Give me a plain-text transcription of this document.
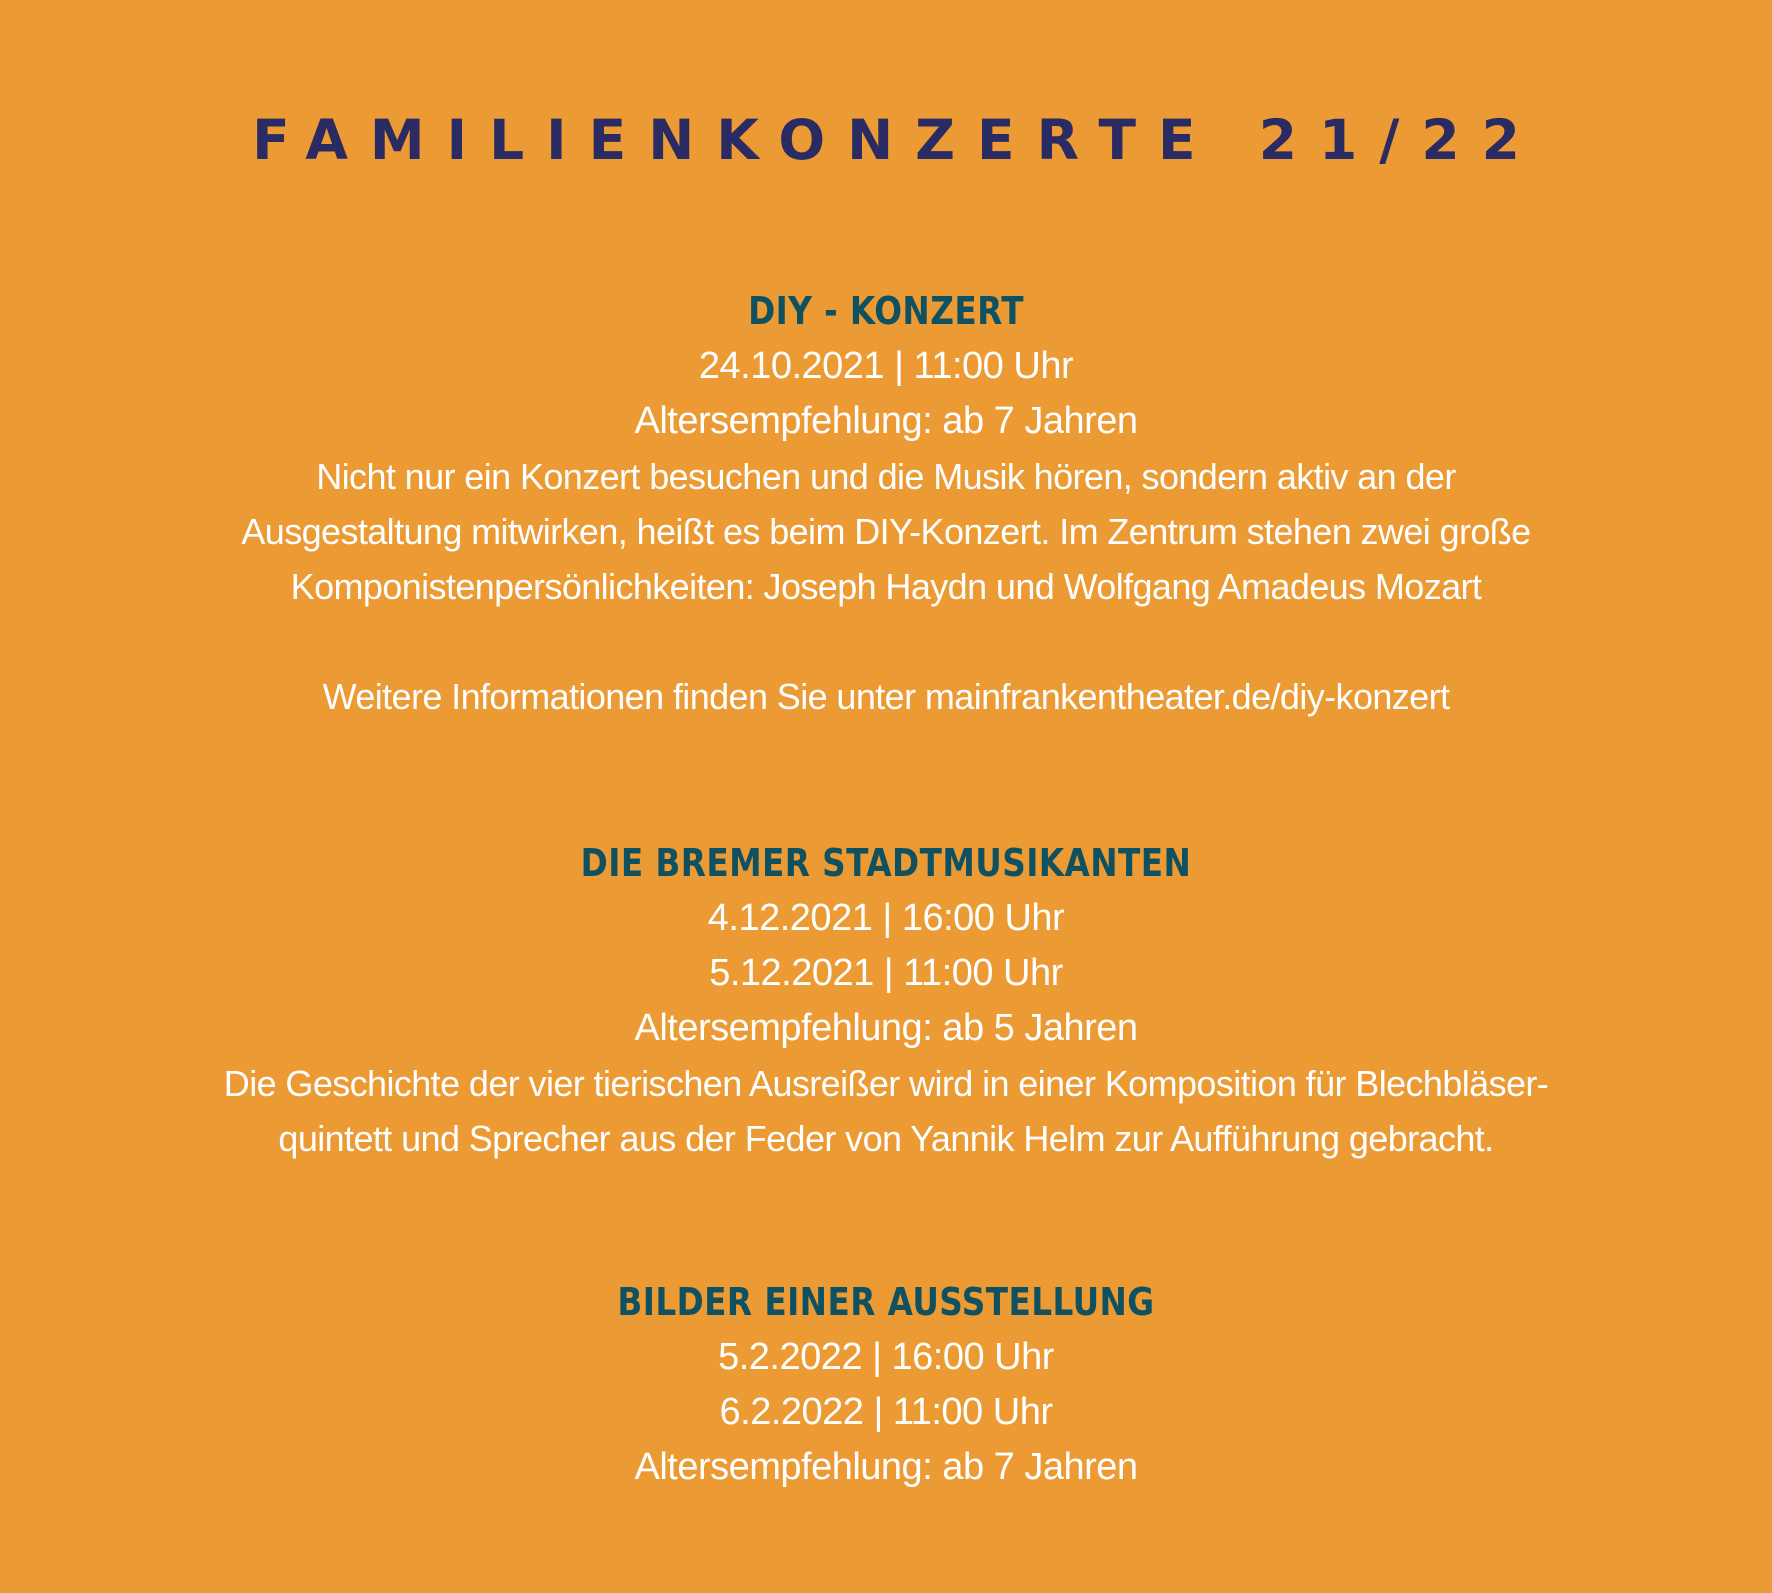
FAMILIENKONZERTE 21/22
DIY - KONZERT
24.10.2021 | 11:00 Uhr
Altersempfehlung: ab 7 Jahren
Nicht nur ein Konzert besuchen und die Musik hören, sondern aktiv an der
Ausgestaltung mitwirken, heißt es beim DIY-Konzert. Im Zentrum stehen zwei große
Komponistenpersönlichkeiten: Joseph Haydn und Wolfgang Amadeus Mozart
Weitere Informationen finden Sie unter mainfrankentheater.de/diy-konzert
DIE BREMER STADTMUSIKANTEN
4.12.2021 | 16:00 Uhr
5.12.2021 | 11:00 Uhr
Altersempfehlung: ab 5 Jahren
Die Geschichte der vier tierischen Ausreißer wird in einer Komposition für Blechbläser-
quintett und Sprecher aus der Feder von Yannik Helm zur Aufführung gebracht.
BILDER EINER AUSSTELLUNG
5.2.2022 | 16:00 Uhr
6.2.2022 | 11:00 Uhr
Altersempfehlung: ab 7 Jahren
